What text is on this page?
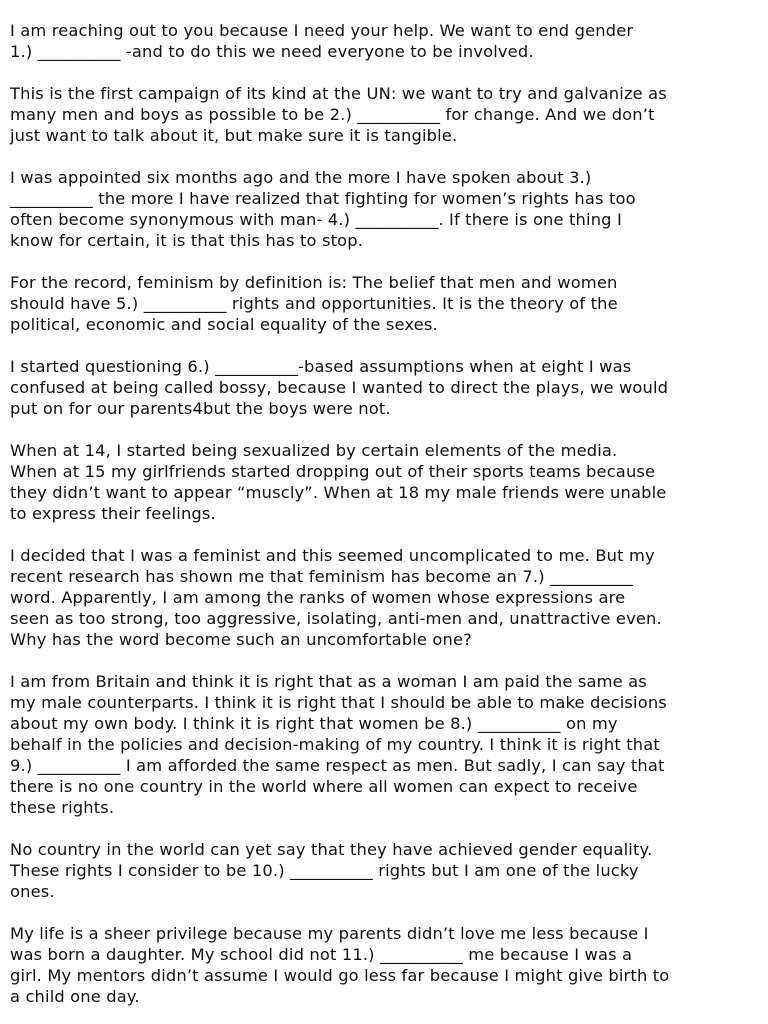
I am reaching out to you because I need your help. We want to end gender
1.) __________ -and to do this we need everyone to be involved.
This is the first campaign of its kind at the UN: we want to try and galvanize as
many men and boys as possible to be 2.) __________ for change. And we don’t
just want to talk about it, but make sure it is tangible.
I was appointed six months ago and the more I have spoken about 3.)
__________ the more I have realized that fighting for women’s rights has too
often become synonymous with man- 4.) __________. If there is one thing I
know for certain, it is that this has to stop.
For the record, feminism by definition is: The belief that men and women
should have 5.) __________ rights and opportunities. It is the theory of the
political, economic and social equality of the sexes.
I started questioning 6.) __________-based assumptions when at eight I was
confused at being called bossy, because I wanted to direct the plays, we would
put on for our parents4but the boys were not.
When at 14, I started being sexualized by certain elements of the media.
When at 15 my girlfriends started dropping out of their sports teams because
they didn’t want to appear “muscly”. When at 18 my male friends were unable
to express their feelings.
I decided that I was a feminist and this seemed uncomplicated to me. But my
recent research has shown me that feminism has become an 7.) __________
word. Apparently, I am among the ranks of women whose expressions are
seen as too strong, too aggressive, isolating, anti-men and, unattractive even.
Why has the word become such an uncomfortable one?
I am from Britain and think it is right that as a woman I am paid the same as
my male counterparts. I think it is right that I should be able to make decisions
about my own body. I think it is right that women be 8.) __________ on my
behalf in the policies and decision-making of my country. I think it is right that
9.) __________ I am afforded the same respect as men. But sadly, I can say that
there is no one country in the world where all women can expect to receive
these rights.
No country in the world can yet say that they have achieved gender equality.
These rights I consider to be 10.) __________ rights but I am one of the lucky
ones.
My life is a sheer privilege because my parents didn’t love me less because I
was born a daughter. My school did not 11.) __________ me because I was a
girl. My mentors didn’t assume I would go less far because I might give birth to
a child one day.
